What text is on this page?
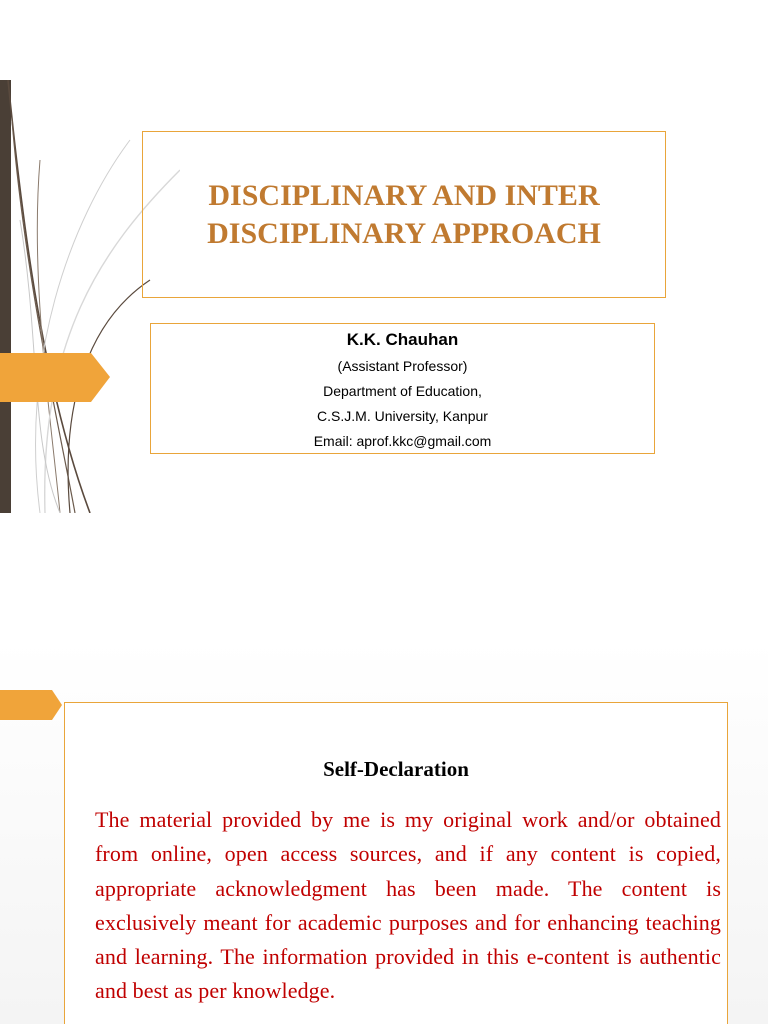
DISCIPLINARY AND INTER DISCIPLINARY APPROACH

K.K. Chauhan

(Assistant Professor)

Department of Education,

C.S.J.M. University, Kanpur

Email: aprof.kkc@gmail.com

Self-Declaration

The material provided by me is my original work and/or obtained from online, open access sources, and if any content is copied, appropriate acknowledgment has been made. The content is exclusively meant for academic purposes and for enhancing teaching and learning. The information provided in this e-content is authentic and best as per knowledge.
